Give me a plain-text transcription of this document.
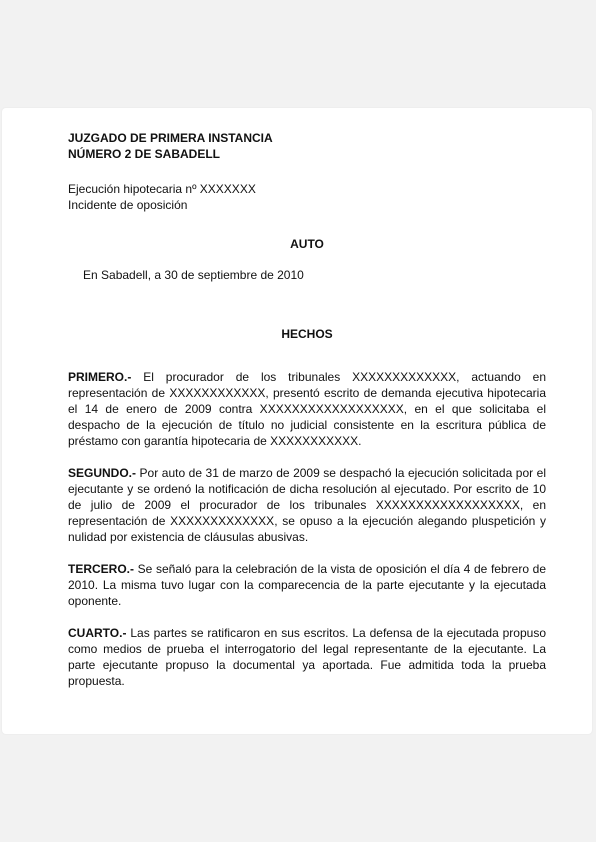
JUZGADO DE PRIMERA INSTANCIA
NÚMERO 2 DE SABADELL
Ejecución hipotecaria nº XXXXXXX
Incidente de oposición
AUTO
En Sabadell, a 30 de septiembre de 2010
HECHOS

PRIMERO.- El procurador de los tribunales XXXXXXXXXXXXX, actuando en representación de XXXXXXXXXXXX, presentó escrito de demanda ejecutiva hipotecaria el 14 de enero de 2009 contra XXXXXXXXXXXXXXXXXX, en el que solicitaba el despacho de la ejecución de título no judicial consistente en la escritura pública de préstamo con garantía hipotecaria de XXXXXXXXXXX.

SEGUNDO.- Por auto de 31 de marzo de 2009 se despachó la ejecución solicitada por el ejecutante y se ordenó la notificación de dicha resolución al ejecutado. Por escrito de 10 de julio de 2009 el procurador de los tribunales XXXXXXXXXXXXXXXXXX, en representación de XXXXXXXXXXXXX, se opuso a la ejecución alegando pluspetición y nulidad por existencia de cláusulas abusivas.

TERCERO.- Se señaló para la celebración de la vista de oposición el día 4 de febrero de 2010. La misma tuvo lugar con la comparecencia de la parte ejecutante y la ejecutada oponente.

CUARTO.- Las partes se ratificaron en sus escritos. La defensa de la ejecutada propuso como medios de prueba el interrogatorio del legal representante de la ejecutante. La parte ejecutante propuso la documental ya aportada. Fue admitida toda la prueba propuesta.
